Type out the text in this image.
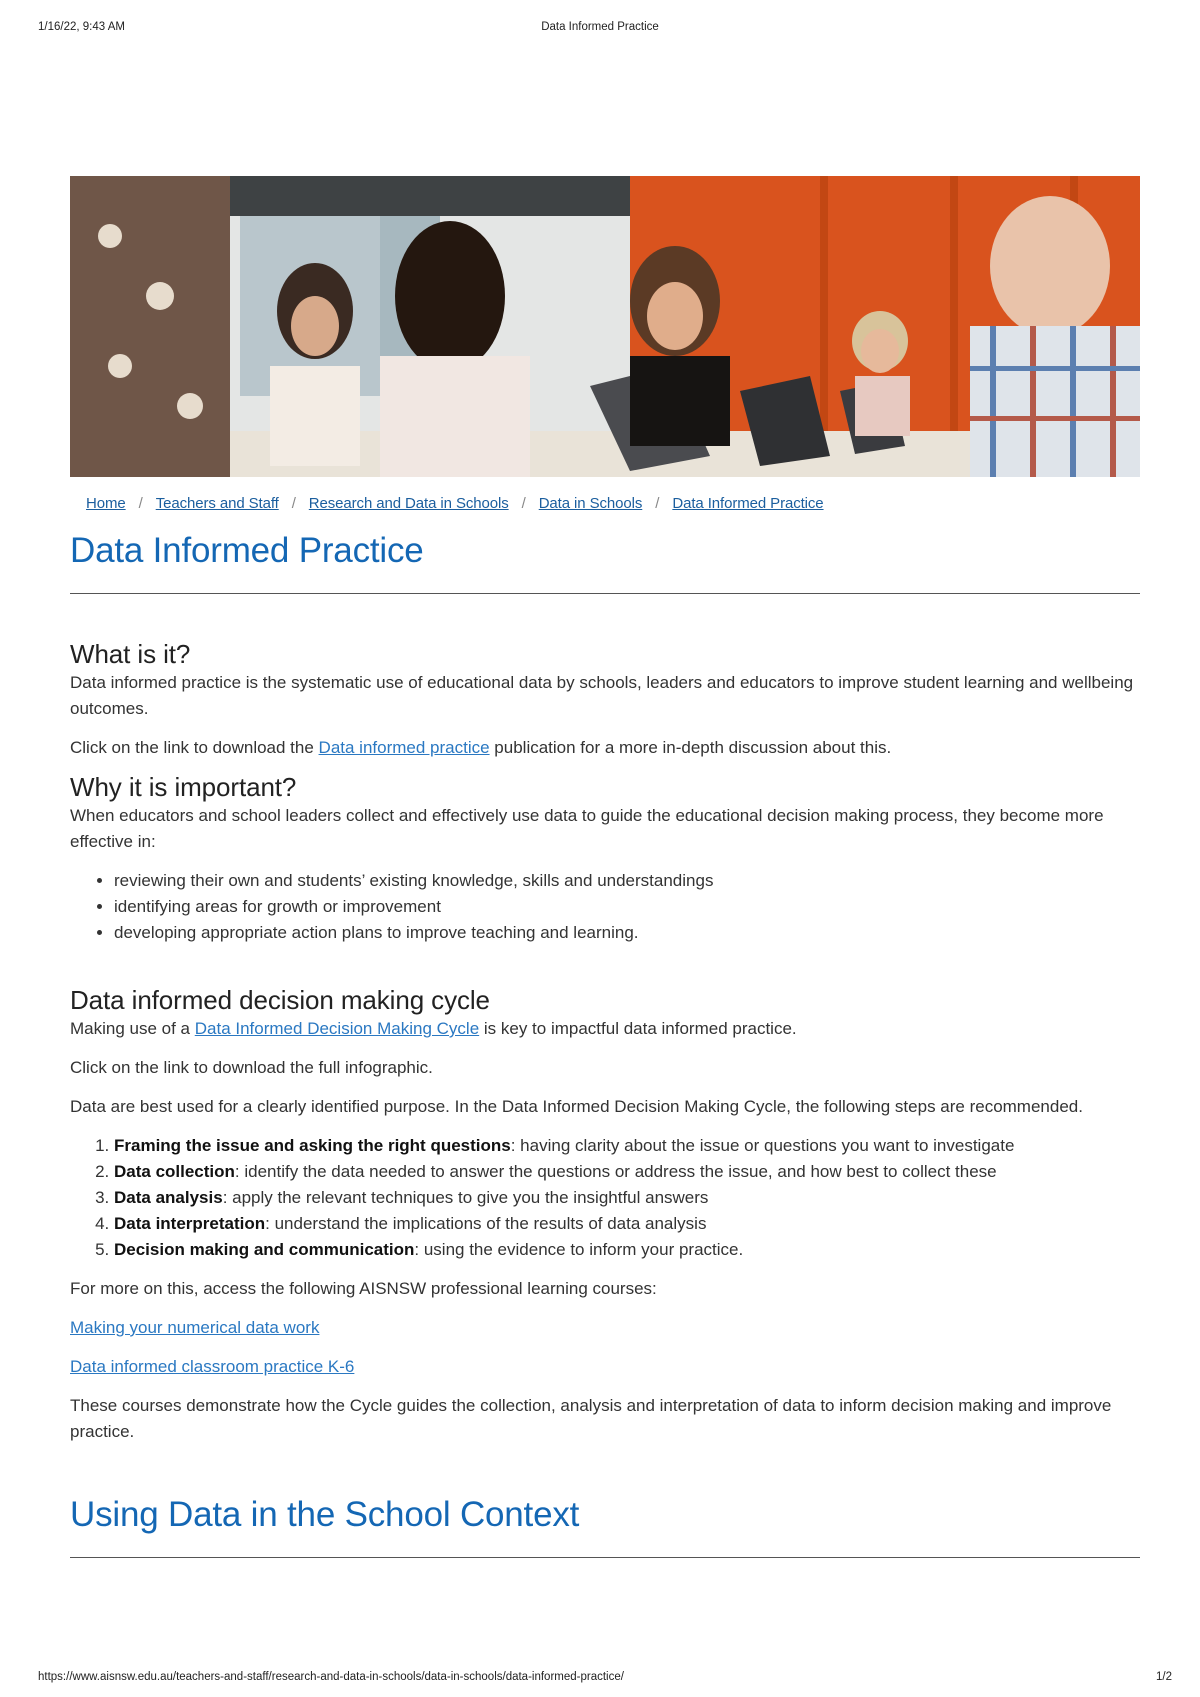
1/16/22, 9:43 AM	Data Informed Practice
Home / Teachers and Staff / Research and Data in Schools / Data in Schools / Data Informed Practice
Data Informed Practice
What is it?

Data informed practice is the systematic use of educational data by schools, leaders and educators to improve student learning and wellbeing outcomes.

Click on the link to download the Data informed practice publication for a more in-depth discussion about this.

Why it is important?

When educators and school leaders collect and effectively use data to guide the educational decision making process, they become more effective in:

• reviewing their own and students’ existing knowledge, skills and understandings
• identifying areas for growth or improvement
• developing appropriate action plans to improve teaching and learning.
Data informed decision making cycle

Making use of a Data Informed Decision Making Cycle is key to impactful data informed practice.

Click on the link to download the full infographic.

Data are best used for a clearly identified purpose. In the Data Informed Decision Making Cycle, the following steps are recommended.

1. Framing the issue and asking the right questions: having clarity about the issue or questions you want to investigate
2. Data collection: identify the data needed to answer the questions or address the issue, and how best to collect these
3. Data analysis: apply the relevant techniques to give you the insightful answers
4. Data interpretation: understand the implications of the results of data analysis
5. Decision making and communication: using the evidence to inform your practice.

For more on this, access the following AISNSW professional learning courses:

Making your numerical data work

Data informed classroom practice K-6

These courses demonstrate how the Cycle guides the collection, analysis and interpretation of data to inform decision making and improve practice.

Using Data in the School Context
https://www.aisnsw.edu.au/teachers-and-staff/research-and-data-in-schools/data-in-schools/data-informed-practice/	1/2
